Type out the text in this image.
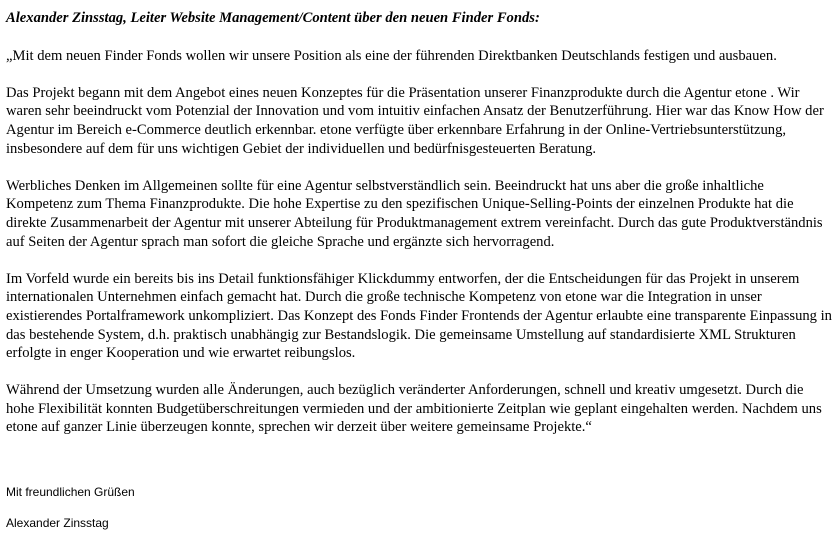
Alexander Zinsstag, Leiter Website Management/Content über den neuen Finder Fonds:

„Mit dem neuen Finder Fonds wollen wir unsere Position als eine der führenden Direktbanken Deutschlands festigen und ausbauen.

Das Projekt begann mit dem Angebot eines neuen Konzeptes für die Präsentation unserer Finanzprodukte durch die Agentur etone . Wir waren sehr beeindruckt vom Potenzial der Innovation und vom intuitiv einfachen Ansatz der Benutzerführung. Hier war das Know How der Agentur im Bereich e-Commerce deutlich erkennbar. etone verfügte über erkennbare Erfahrung in der Online-Vertriebsunterstützung, insbesondere auf dem für uns wichtigen Gebiet der individuellen und bedürfnisgesteuerten Beratung.

Werbliches Denken im Allgemeinen sollte für eine Agentur selbstverständlich sein. Beeindruckt hat uns aber die große inhaltliche Kompetenz zum Thema Finanzprodukte. Die hohe Expertise zu den spezifischen Unique-Selling-Points der einzelnen Produkte hat die direkte Zusammenarbeit der Agentur mit unserer Abteilung für Produktmanagement extrem vereinfacht. Durch das gute Produktverständnis auf Seiten der Agentur sprach man sofort die gleiche Sprache und ergänzte sich hervorragend.

Im Vorfeld wurde ein bereits bis ins Detail funktionsfähiger Klickdummy entworfen, der die Entscheidungen für das Projekt in unserem internationalen Unternehmen einfach gemacht hat. Durch die große technische Kompetenz von etone war die Integration in unser existierendes Portalframework unkompliziert. Das Konzept des Fonds Finder Frontends der Agentur erlaubte eine transparente Einpassung in das bestehende System, d.h. praktisch unabhängig zur Bestandslogik. Die gemeinsame Umstellung auf standardisierte XML Strukturen erfolgte in enger Kooperation und wie erwartet reibungslos.

Während der Umsetzung wurden alle Änderungen, auch bezüglich veränderter Anforderungen, schnell und kreativ umgesetzt. Durch die hohe Flexibilität konnten Budgetüberschreitungen vermieden und der ambitionierte Zeitplan wie geplant eingehalten werden. Nachdem uns etone auf ganzer Linie überzeugen konnte, sprechen wir derzeit über weitere gemeinsame Projekte.“

Mit freundlichen Grüßen

Alexander Zinsstag
